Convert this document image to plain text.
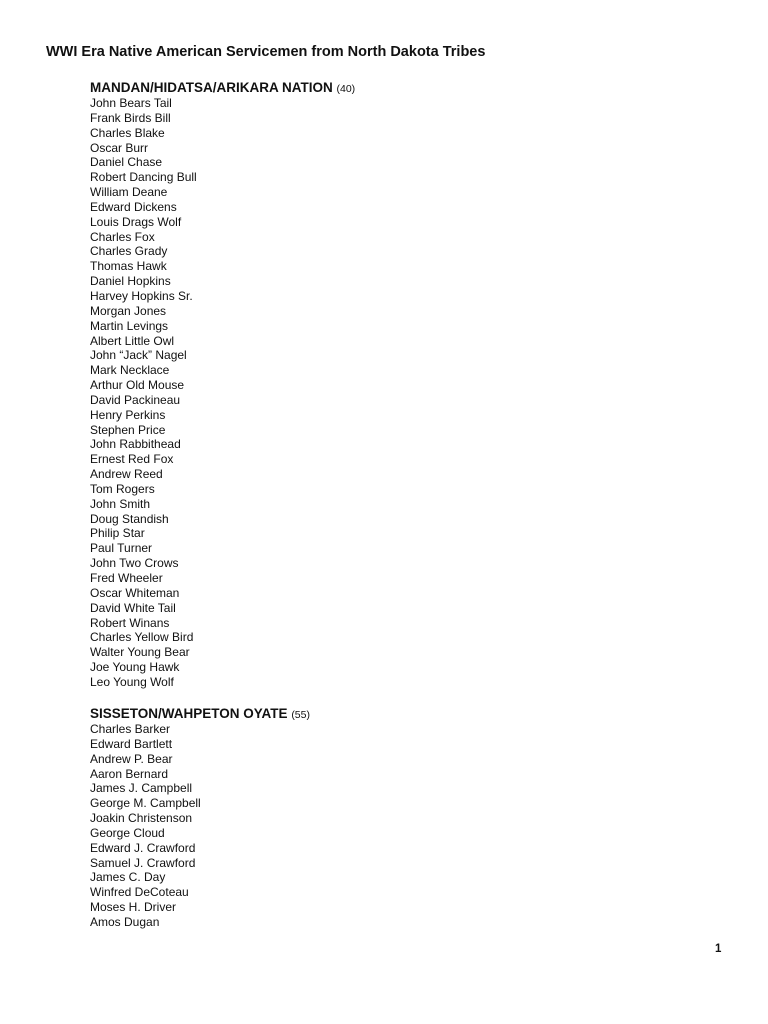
WWI Era Native American Servicemen from North Dakota Tribes
MANDAN/HIDATSA/ARIKARA NATION (40)
John Bears Tail
Frank Birds Bill
Charles Blake
Oscar Burr
Daniel Chase
Robert Dancing Bull
William Deane
Edward Dickens
Louis Drags Wolf
Charles Fox
Charles Grady
Thomas Hawk
Daniel Hopkins
Harvey Hopkins Sr.
Morgan Jones
Martin Levings
Albert Little Owl
John “Jack” Nagel
Mark Necklace
Arthur Old Mouse
David Packineau
Henry Perkins
Stephen Price
John Rabbithead
Ernest Red Fox
Andrew Reed
Tom Rogers
John Smith
Doug Standish
Philip Star
Paul Turner
John Two Crows
Fred Wheeler
Oscar Whiteman
David White Tail
Robert Winans
Charles Yellow Bird
Walter Young Bear
Joe Young Hawk
Leo Young Wolf
SISSETON/WAHPETON OYATE (55)
Charles Barker
Edward Bartlett
Andrew P. Bear
Aaron Bernard
James J. Campbell
George M. Campbell
Joakin Christenson
George Cloud
Edward J. Crawford
Samuel J. Crawford
James C. Day
Winfred DeCoteau
Moses H. Driver
Amos Dugan
1
